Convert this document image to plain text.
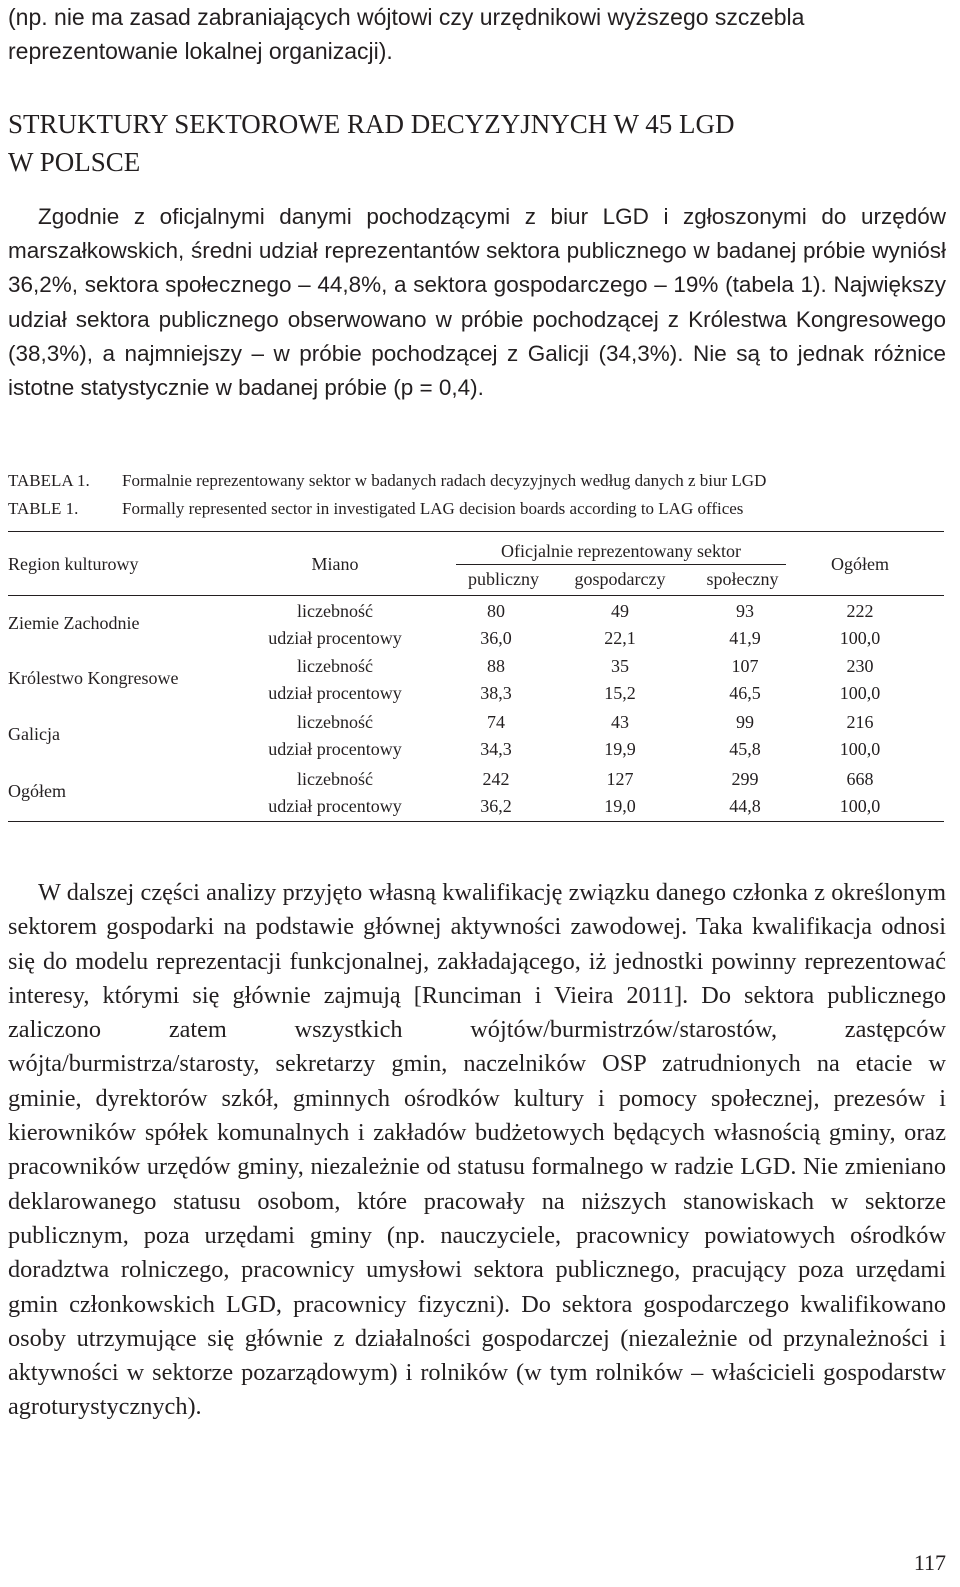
(np. nie ma zasad zabraniających wójtowi czy urzędnikowi wyższego szczebla reprezentowanie lokalnej organizacji).
STRUKTURY SEKTOROWE RAD DECYZYJNYCH W 45 LGD
W POLSCE
Zgodnie z oficjalnymi danymi pochodzącymi z biur LGD i zgłoszonymi do urzędów marszałkowskich, średni udział reprezentantów sektora publicznego w badanej próbie wyniósł 36,2%, sektora społecznego – 44,8%, a sektora gospodarczego – 19% (tabela 1). Największy udział sektora publicznego obserwowano w próbie pochodzącej z Królestwa Kongresowego (38,3%), a najmniejszy – w próbie pochodzącej z Galicji (34,3%). Nie są to jednak różnice istotne statystycznie w badanej próbie (p = 0,4).
TABELA 1. Formalnie reprezentowany sektor w badanych radach decyzyjnych według danych z biur LGD
TABLE 1.	Formally represented sector in investigated LAG decision boards according to LAG offices
Region kulturowy	Miano
Oficjalnie reprezentowany sektor
publiczny	gospodarczy	społeczny
Ogółem
Ziemie Zachodnie
liczebność	80	49	93	222
udział procentowy	36,0	22,1	41,9	100,0
Królestwo Kongresowe
liczebność	88	35	107	230
udział procentowy	38,3	15,2	46,5	100,0
Galicja
liczebność	74	43	99	216
udział procentowy	34,3	19,9	45,8	100,0
Ogółem
liczebność	242	127	299	668
udział procentowy	36,2	19,0	44,8	100,0
W dalszej części analizy przyjęto własną kwalifikację związku danego członka z określonym sektorem gospodarki na podstawie głównej aktywności zawodowej. Taka kwalifikacja odnosi się do modelu reprezentacji funkcjonalnej, zakładającego, iż jednostki powinny reprezentować interesy, którymi się głównie zajmują [Runciman i Vieira 2011]. Do sektora publicznego zaliczono zatem wszystkich wójtów/burmistrzów/starostów, zastępców wójta/burmistrza/starosty, sekretarzy gmin, naczelników OSP zatrudnionych na etacie w gminie, dyrektorów szkół, gminnych ośrodków kultury i pomocy społecznej, prezesów i kierowników spółek komunalnych i zakładów budżetowych będących własnością gminy, oraz pracowników urzędów gminy, niezależnie od statusu formalnego w radzie LGD. Nie zmieniano deklarowanego statusu osobom, które pracowały na niższych stanowiskach w sektorze publicznym, poza urzędami gminy (np. nauczyciele, pracownicy powiatowych ośrodków doradztwa rolniczego, pracownicy umysłowi sektora publicznego, pracujący poza urzędami gmin członkowskich LGD, pracownicy fizyczni). Do sektora gospodarczego kwalifikowano osoby utrzymujące się głównie z działalności gospodarczej (niezależnie od przynależności i aktywności w sektorze pozarządowym) i rolników (w tym rolników – właścicieli gospodarstw agroturystycznych).
117
